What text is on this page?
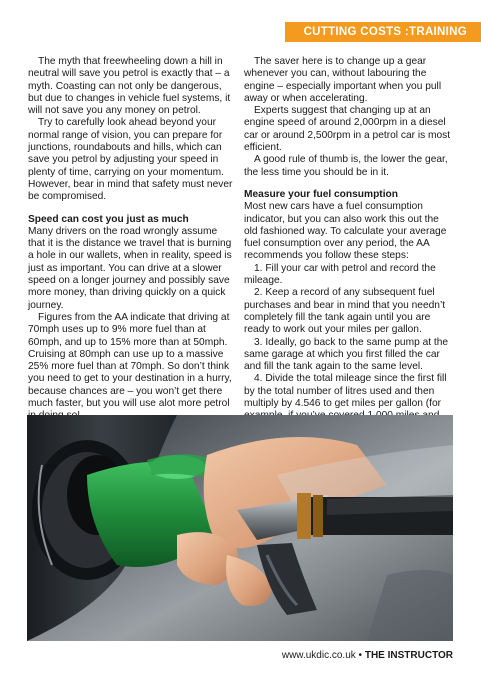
CUTTING COSTS :TRAINING

The myth that freewheeling down a hill in neutral will save you petrol is exactly that – a myth. Coasting can not only be dangerous, but due to changes in vehicle fuel systems, it will not save you any money on petrol.

Try to carefully look ahead beyond your normal range of vision, you can prepare for junctions, roundabouts and hills, which can save you petrol by adjusting your speed in plenty of time, carrying on your momentum. However, bear in mind that safety must never be compromised.

Speed can cost you just as much

Many drivers on the road wrongly assume that it is the distance we travel that is burning a hole in our wallets, when in reality, speed is just as important. You can drive at a slower speed on a longer journey and possibly save more money, than driving quickly on a quick journey.

Figures from the AA indicate that driving at 70mph uses up to 9% more fuel than at 60mph, and up to 15% more than at 50mph. Cruising at 80mph can use up to a massive 25% more fuel than at 70mph. So don’t think you need to get to your destination in a hurry, because chances are – you won’t get there much faster, but you will use alot more petrol

The saver here is to change up a gear whenever you can, without labouring the engine – especially important when you pull away or when accelerating.

Experts suggest that changing up at an engine speed of around 2,000rpm in a diesel car or around 2,500rpm in a petrol car is most efficient.

A good rule of thumb is, the lower the gear, the less time you should be in it.

Measure your fuel consumption

Most new cars have a fuel consumption indicator, but you can also work this out the old fashioned way. To calculate your average fuel consumption over any period, the AA recommends you follow these steps:

1. Fill your car with petrol and record the mileage.

2. Keep a record of any subsequent fuel purchases and bear in mind that you needn’t completely fill the tank again until you are ready to work out your miles per gallon.

3. Ideally, go back to the same pump at the same garage at which you first filled the car and fill the tank again to the same level.

4. Divide the total mileage since the first fill by the total number of litres used and then multiply by 4.546 to get miles per gallon (for

www.ukdic.co.uk • THE INSTRUCTOR
